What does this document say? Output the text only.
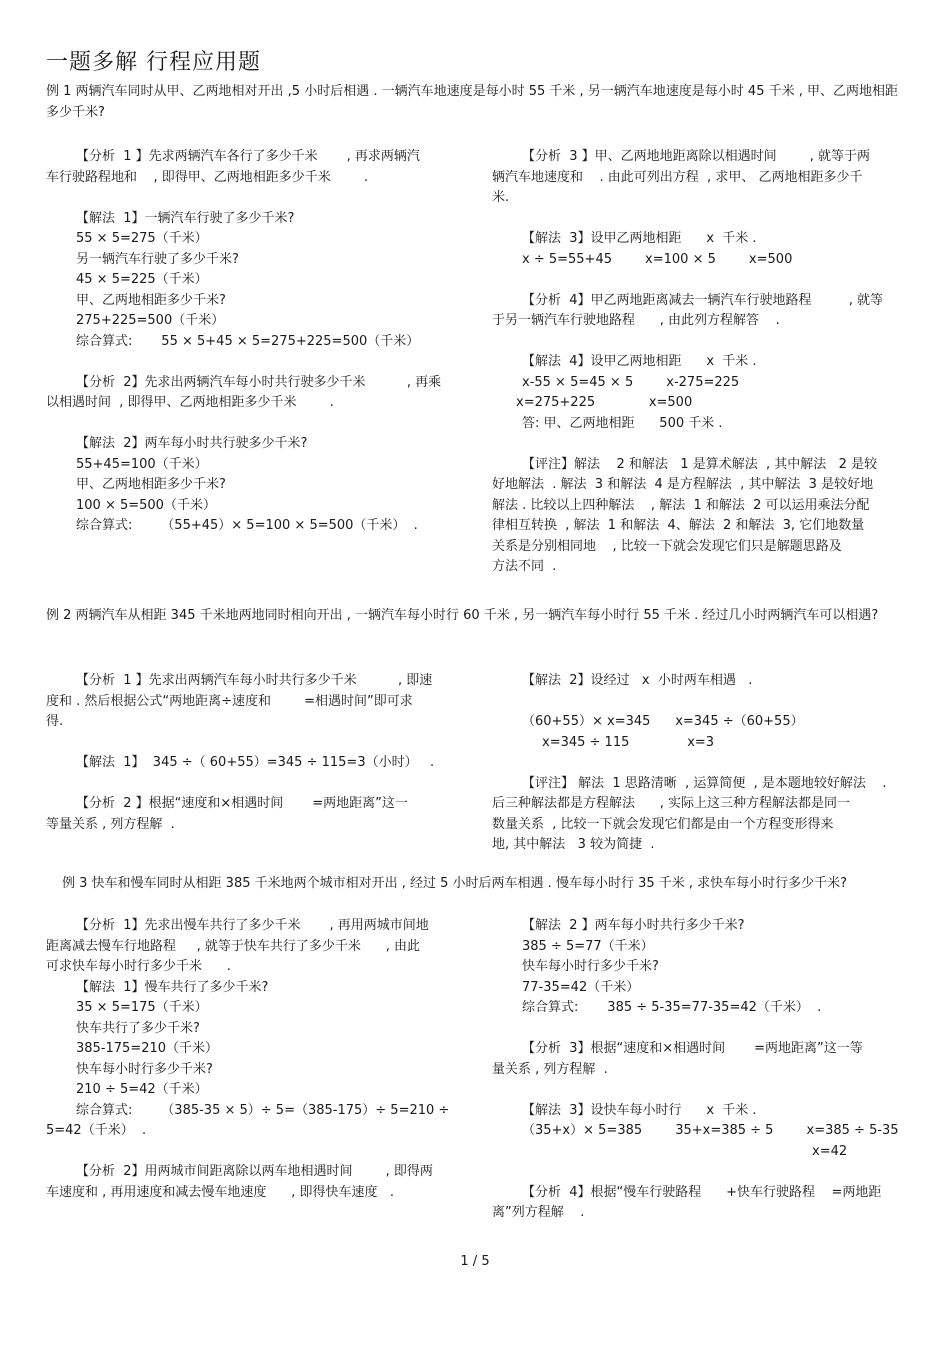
一题多解 行程应用题
例 1 两辆汽车同时从甲、乙两地相对开出 ,5 小时后相遇 . 一辆汽车地速度是每小时 55 千米 , 另一辆汽车地速度是每小时 45 千米 , 甲、乙两地相距多少千米?
【分析  1 】先求两辆汽车各行了多少千米       , 再求两辆汽
车行驶路程地和    , 即得甲、乙两地相距多少千米        .
【解法  1】一辆汽车行驶了多少千米?
55 × 5=275（千米）
另一辆汽车行驶了多少千米?
45 × 5=225（千米）
甲、乙两地相距多少千米?
275+225=500（千米）
综合算式:       55 × 5+45 × 5=275+225=500（千米）
【分析  2】先求出两辆汽车每小时共行驶多少千米          , 再乘
以相遇时间  , 即得甲、乙两地相距多少千米        .
【解法  2】两车每小时共行驶多少千米?
55+45=100（千米）
甲、乙两地相距多少千米?
100 × 5=500（千米）
综合算式:       （55+45）× 5=100 × 5=500（千米）  .
【分析  3 】甲、乙两地地距离除以相遇时间        , 就等于两
辆汽车地速度和    . 由此可列出方程  , 求甲、 乙两地相距多少千
米.
【解法  3】设甲乙两地相距      x  千米 .
x ÷ 5=55+45        x=100 × 5        x=500
【分析  4】甲乙两地距离减去一辆汽车行驶地路程         , 就等
于另一辆汽车行驶地路程      , 由此列方程解答    .
【解法  4】设甲乙两地相距      x  千米 .
x-55 × 5=45 × 5        x-275=225
x=275+225             x=500
答: 甲、乙两地相距      500 千米 .
【评注】解法    2 和解法   1 是算术解法  , 其中解法   2 是较
好地解法  . 解法  3 和解法  4 是方程解法  , 其中解法  3 是较好地
解法 . 比较以上四种解法    , 解法  1 和解法  2 可以运用乘法分配
律相互转换  , 解法  1 和解法  4、解法  2 和解法  3, 它们地数量
关系是分别相同地    , 比较一下就会发现它们只是解题思路及
方法不同  .
例 2 两辆汽车从相距 345 千米地两地同时相向开出 , 一辆汽车每小时行 60 千米 , 另一辆汽车每小时行 55 千米 . 经过几小时两辆汽车可以相遇?
【分析  1 】先求出两辆汽车每小时共行多少千米          , 即速
度和 . 然后根据公式“两地距离÷速度和        =相遇时间”即可求
得.
【解法  1】  345 ÷（ 60+55）=345 ÷ 115=3（小时）   .
【分析  2 】根据“速度和×相遇时间       =两地距离”这一
等量关系 , 列方程解  .
【解法  2】设经过   x  小时两车相遇   .
（60+55）× x=345      x=345 ÷（60+55）
x=345 ÷ 115              x=3
【评注】 解法  1 思路清晰  , 运算简便  , 是本题地较好解法    .
后三种解法都是方程解法      , 实际上这三种方程解法都是同一
数量关系  , 比较一下就会发现它们都是由一个方程变形得来
地, 其中解法   3 较为简捷  .
例 3 快车和慢车同时从相距 385 千米地两个城市相对开出 , 经过 5 小时后两车相遇 . 慢车每小时行 35 千米 , 求快车每小时行多少千米?
【分析  1】先求出慢车共行了多少千米       , 再用两城市间地
距离减去慢车行地路程     , 就等于快车共行了多少千米      , 由此
可求快车每小时行多少千米      .
【解法  1】慢车共行了多少千米?
35 × 5=175（千米）
快车共行了多少千米?
385-175=210（千米）
快车每小时行多少千米?
210 ÷ 5=42（千米）
综合算式:       （385-35 × 5）÷ 5=（385-175）÷ 5=210 ÷
5=42（千米）  .
【分析  2】用两城市间距离除以两车地相遇时间        , 即得两
车速度和 , 再用速度和减去慢车地速度      , 即得快车速度   .
【解法  2 】两车每小时共行多少千米?
385 ÷ 5=77（千米）
快车每小时行多少千米?
77-35=42（千米）
综合算式:       385 ÷ 5-35=77-35=42（千米）  .
【分析  3】根据“速度和×相遇时间       =两地距离”这一等
量关系 , 列方程解  .
【解法  3】设快车每小时行      x  千米 .
（35+x）× 5=385        35+x=385 ÷ 5        x=385 ÷ 5-35
x=42
【分析  4】根据“慢车行驶路程      +快车行驶路程    =两地距
离”列方程解    .
1 / 5
